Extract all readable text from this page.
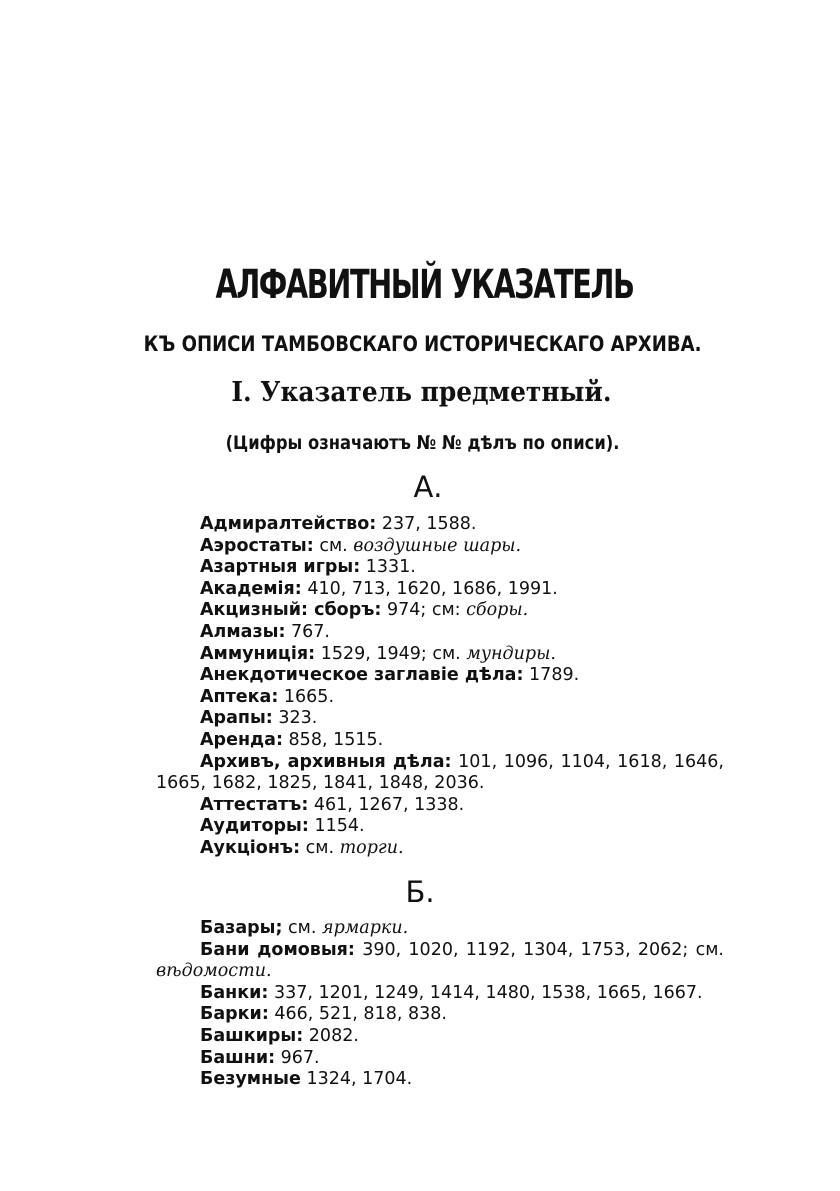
АЛФАВИТНЫЙ УКАЗАТЕЛЬ
КЪ ОПИСИ ТАМБОВСКАГО ИСТОРИЧЕСКАГО АРХИВА.
I. Указатель предметный.

(Цифры означаютъ № № дѣлъ по описи).

А.
Адмиралтейство: 237, 1588.
Аэростаты: см. воздушные шары.
Азартныя игры: 1331.
Академія: 410, 713, 1620, 1686, 1991.
Акцизный: сборъ: 974; см: сборы.
Алмазы: 767.
Аммуниція: 1529, 1949; см. мундиры.
Анекдотическое заглавіе дѣла: 1789.
Аптека: 1665.
Арапы: 323.
Аренда: 858, 1515.
Архивъ, архивныя дѣла: 101, 1096, 1104, 1618, 1646, 1665, 1682, 1825, 1841, 1848, 2036.
Аттестатъ: 461, 1267, 1338.
Аудиторы: 1154.
Аукціонъ: см. торги.
Б.
Базары; см. ярмарки.
Бани домовыя: 390, 1020, 1192, 1304, 1753, 2062; см. вѣдомости.
Банки: 337, 1201, 1249, 1414, 1480, 1538, 1665, 1667.
Барки: 466, 521, 818, 838.
Башкиры: 2082.
Башни: 967.
Безумные 1324, 1704.
